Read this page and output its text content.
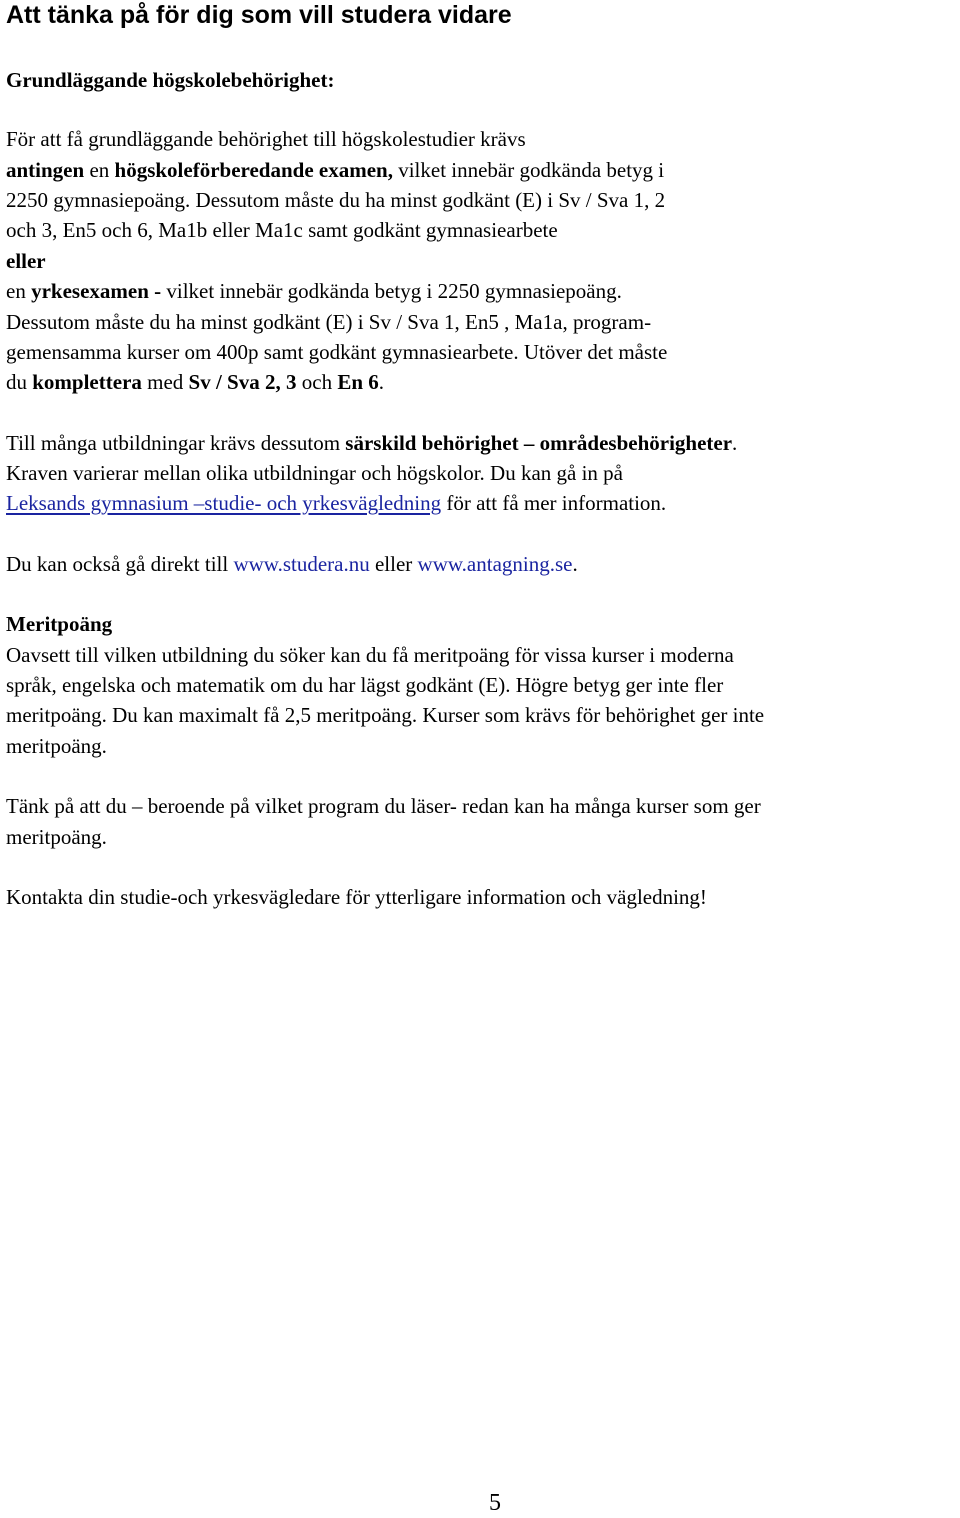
Att tänka på för dig som vill studera vidare
Grundläggande högskolebehörighet:

För att få grundläggande behörighet till högskolestudier krävs

antingen en högskoleförberedande examen, vilket innebär godkända betyg i

2250 gymnasiepoäng. Dessutom måste du ha minst godkänt (E) i Sv / Sva 1, 2

och 3, En5 och 6, Ma1b eller Ma1c samt godkänt gymnasiearbete

eller

en yrkesexamen - vilket innebär godkända betyg i 2250 gymnasiepoäng.

Dessutom måste du ha minst godkänt (E) i Sv / Sva 1, En5 , Ma1a, program-

gemensamma kurser om 400p samt godkänt gymnasiearbete. Utöver det måste

du komplettera med Sv / Sva 2, 3 och En 6.

Till många utbildningar krävs dessutom särskild behörighet – områdesbehörigheter.

Kraven varierar mellan olika utbildningar och högskolor. Du kan gå in på

Leksands gymnasium –studie- och yrkesvägledning för att få mer information.

Du kan också gå direkt till www.studera.nu eller www.antagning.se.

Meritpoäng

Oavsett till vilken utbildning du söker kan du få meritpoäng för vissa kurser i moderna

språk, engelska och matematik om du har lägst godkänt (E). Högre betyg ger inte fler

meritpoäng. Du kan maximalt få 2,5 meritpoäng. Kurser som krävs för behörighet ger inte

meritpoäng.

Tänk på att du – beroende på vilket program du läser- redan kan ha många kurser som ger

meritpoäng.

Kontakta din studie-och yrkesvägledare för ytterligare information och vägledning!

5
